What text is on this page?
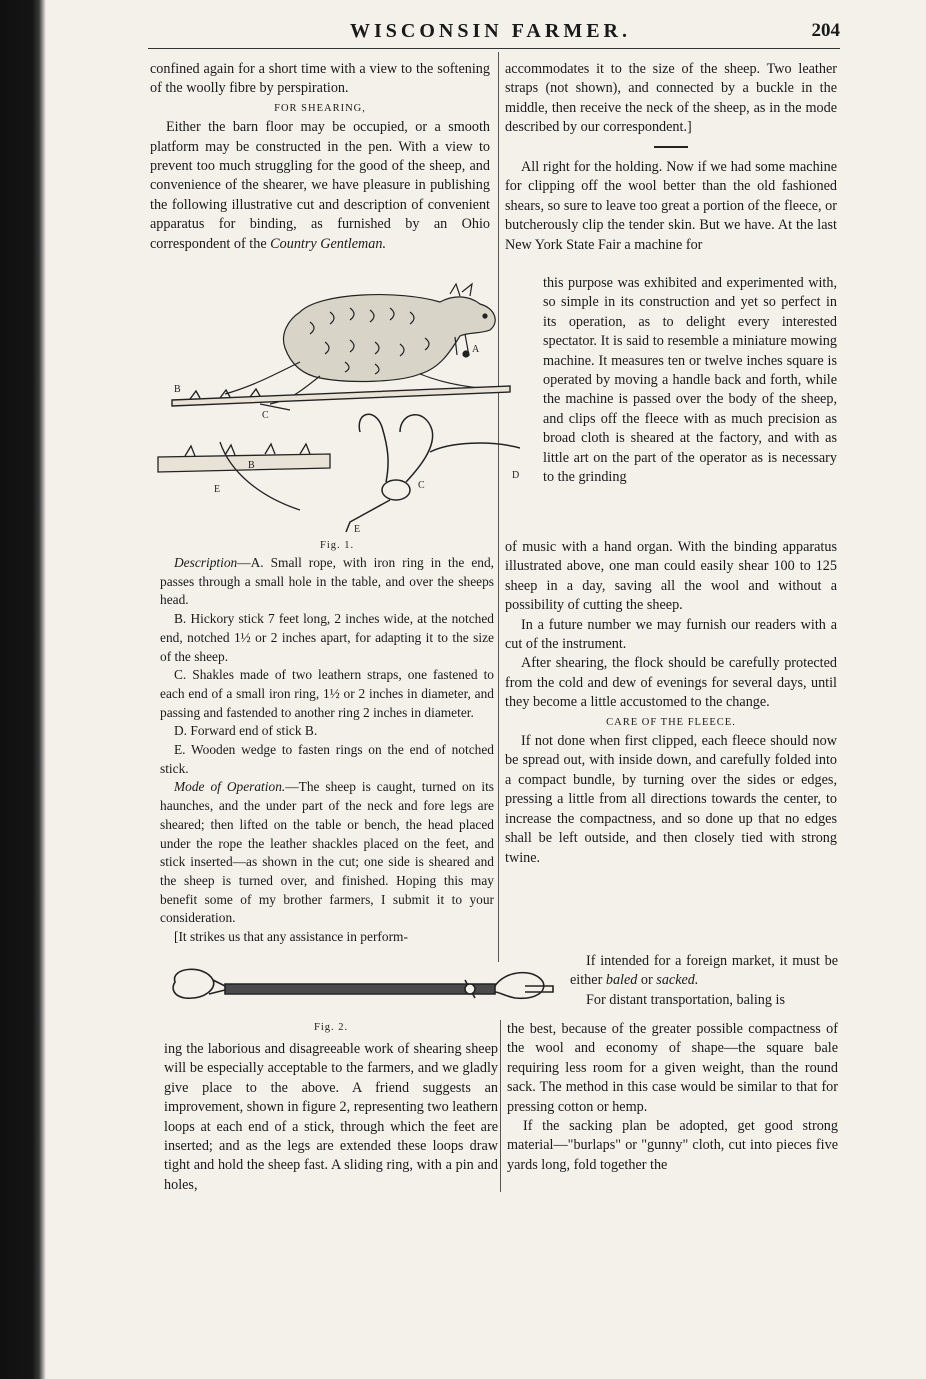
WISCONSIN FARMER.	204

confined again for a short time with a view to the softening of the woolly fibre by perspiration.

FOR SHEARING,

Either the barn floor may be occupied, or a smooth platform may be constructed in the pen. With a view to prevent too much struggling for the good of the sheep, and convenience of the shearer, we have pleasure in publishing the following illustrative cut and description of convenient apparatus for binding, as furnished by an Ohio correspondent of the Country Gentleman.

B
C
A
B
E	C
D
E
Fig. 1.

Description—A. Small rope, with iron ring in the end, passes through a small hole in the table, and over the sheeps head.

B. Hickory stick 7 feet long, 2 inches wide, at the notched end, notched 1½ or 2 inches apart, for adapting it to the size of the sheep.

C. Shakles made of two leathern straps, one fastened to each end of a small iron ring, 1½ or 2 inches in diameter, and passing and fastended to another ring 2 inches in diameter.

D. Forward end of stick B.

E. Wooden wedge to fasten rings on the end of notched stick.

Mode of Operation.—The sheep is caught, turned on its haunches, and the under part of the neck and fore legs are sheared; then lifted on the table or bench, the head placed under the rope the leather shackles placed on the feet, and stick inserted—as shown in the cut; one side is sheared and the sheep is turned over, and finished. Hoping this may benefit some of my brother farmers, I submit it to your consideration.

[It strikes us that any assistance in perform-

Fig. 2.

ing the laborious and disagreeable work of shearing sheep will be especially acceptable to the farmers, and we gladly give place to the above. A friend suggests an improvement, shown in figure 2, representing two leathern loops at each end of a stick, through which the feet are inserted; and as the legs are extended these loops draw tight and hold the sheep fast. A sliding ring, with a pin and holes,

accommodates it to the size of the sheep. Two leather straps (not shown), and connected by a buckle in the middle, then receive the neck of the sheep, as in the mode described by our correspondent.]

All right for the holding. Now if we had some machine for clipping off the wool better than the old fashioned shears, so sure to leave too great a portion of the fleece, or butcherously clip the tender skin. But we have. At the last New York State Fair a machine for

this purpose was exhibited and experimented with, so simple in its construction and yet so perfect in its operation, as to delight every interested spectator. It is said to resemble a miniature mowing machine. It measures ten or twelve inches square is operated by moving a handle back and forth, while the machine is passed over the body of the sheep, and clips off the fleece with as much precision as broad cloth is sheared at the factory, and with as little art on the part of the operator as is necessary to the grinding

of music with a hand organ. With the binding apparatus illustrated above, one man could easily shear 100 to 125 sheep in a day, saving all the wool and without a possibility of cutting the sheep.

In a future number we may furnish our readers with a cut of the instrument.

After shearing, the flock should be carefully protected from the cold and dew of evenings for several days, until they become a little accustomed to the change.

CARE OF THE FLEECE.

If not done when first clipped, each fleece should now be spread out, with inside down, and carefully folded into a compact bundle, by turning over the sides or edges, pressing a little from all directions towards the center, to increase the compactness, and so done up that no edges shall be left outside, and then closely tied with strong twine.

If intended for a foreign market, it must be either baled or sacked.

For distant transportation, baling is

the best, because of the greater possible compactness of the wool and economy of shape—the square bale requiring less room for a given weight, than the round sack. The method in this case would be similar to that for pressing cotton or hemp.

If the sacking plan be adopted, get good strong material—"burlaps" or "gunny" cloth, cut into pieces five yards long, fold together the
